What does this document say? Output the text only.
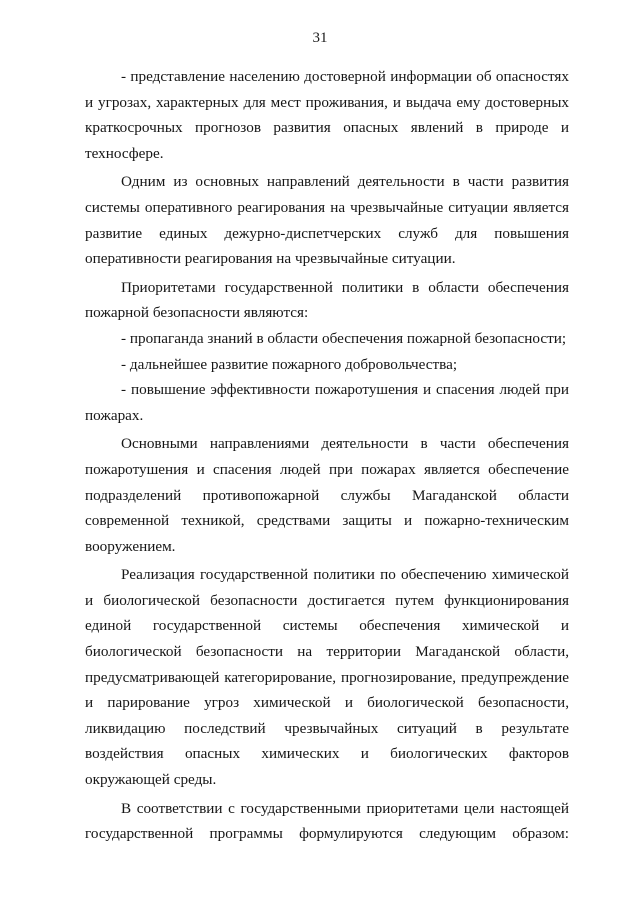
31

- представление населению достоверной информации об опасностях и угрозах, характерных для мест проживания, и выдача ему достоверных краткосрочных прогнозов развития опасных явлений в природе и техносфере.

Одним из основных направлений деятельности в части развития системы оперативного реагирования на чрезвычайные ситуации является развитие единых дежурно-диспетчерских служб для повышения оперативности реагирования на чрезвычайные ситуации.

Приоритетами государственной политики в области обеспечения пожарной безопасности являются:

- пропаганда знаний в области обеспечения пожарной безопасности;

- дальнейшее развитие пожарного добровольчества;

- повышение эффективности пожаротушения и спасения людей при пожарах.

Основными направлениями деятельности в части обеспечения пожаротушения и спасения людей при пожарах является обеспечение подразделений противопожарной службы Магаданской области современной техникой, средствами защиты и пожарно-техническим вооружением.

Реализация государственной политики по обеспечению химической и биологической безопасности достигается путем функционирования единой государственной системы обеспечения химической и биологической безопасности на территории Магаданской области, предусматривающей категорирование, прогнозирование, предупреждение и парирование угроз химической и биологической безопасности, ликвидацию последствий чрезвычайных ситуаций в результате воздействия опасных химических и биологических факторов окружающей среды.

В соответствии с государственными приоритетами цели настоящей государственной программы формулируются следующим образом:
